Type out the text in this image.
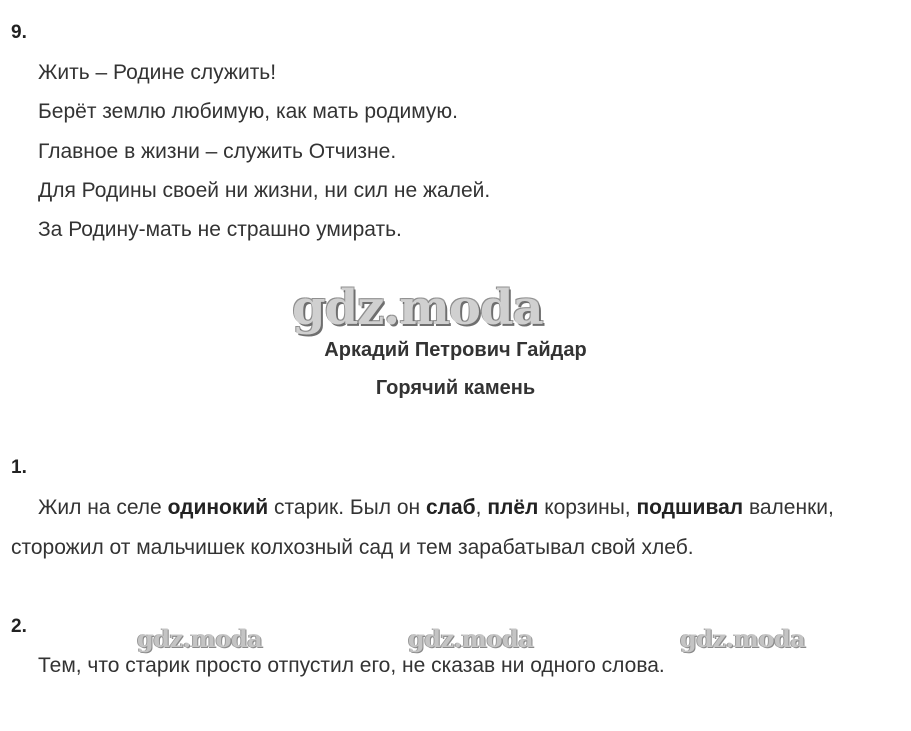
9.
Жить – Родине служить!
Берёт землю любимую, как мать родимую.
Главное в жизни – служить Отчизне.
Для Родины своей ни жизни, ни сил не жалей.
За Родину-мать не страшно умирать.
gdz.moda
Аркадий Петрович Гайдар
Горячий камень
1.
Жил на селе одинокий старик. Был он слаб, плёл корзины, подшивал валенки,
сторожил от мальчишек колхозный сад и тем зарабатывал свой хлеб.
2.	gdz.moda	gdz.moda	gdz.moda
Тем, что старик просто отпустил его, не сказав ни одного слова.
